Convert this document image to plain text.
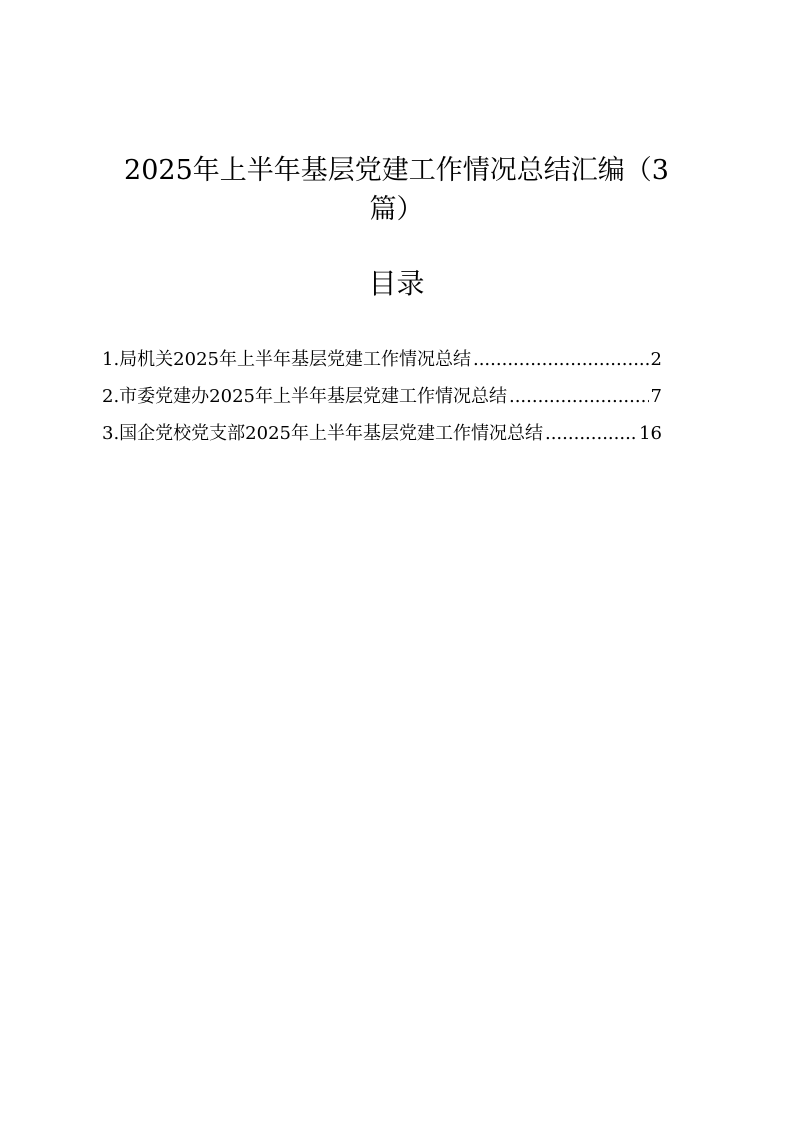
2025年上半年基层党建工作情况总结汇编（3
篇）
目录
1.局机关2025年上半年基层党建工作情况总结 .....	2
2.市委党建办2025年上半年基层党建工作情况总结 .....	7
3.国企党校党支部2025年上半年基层党建工作情况总结 .....	16
